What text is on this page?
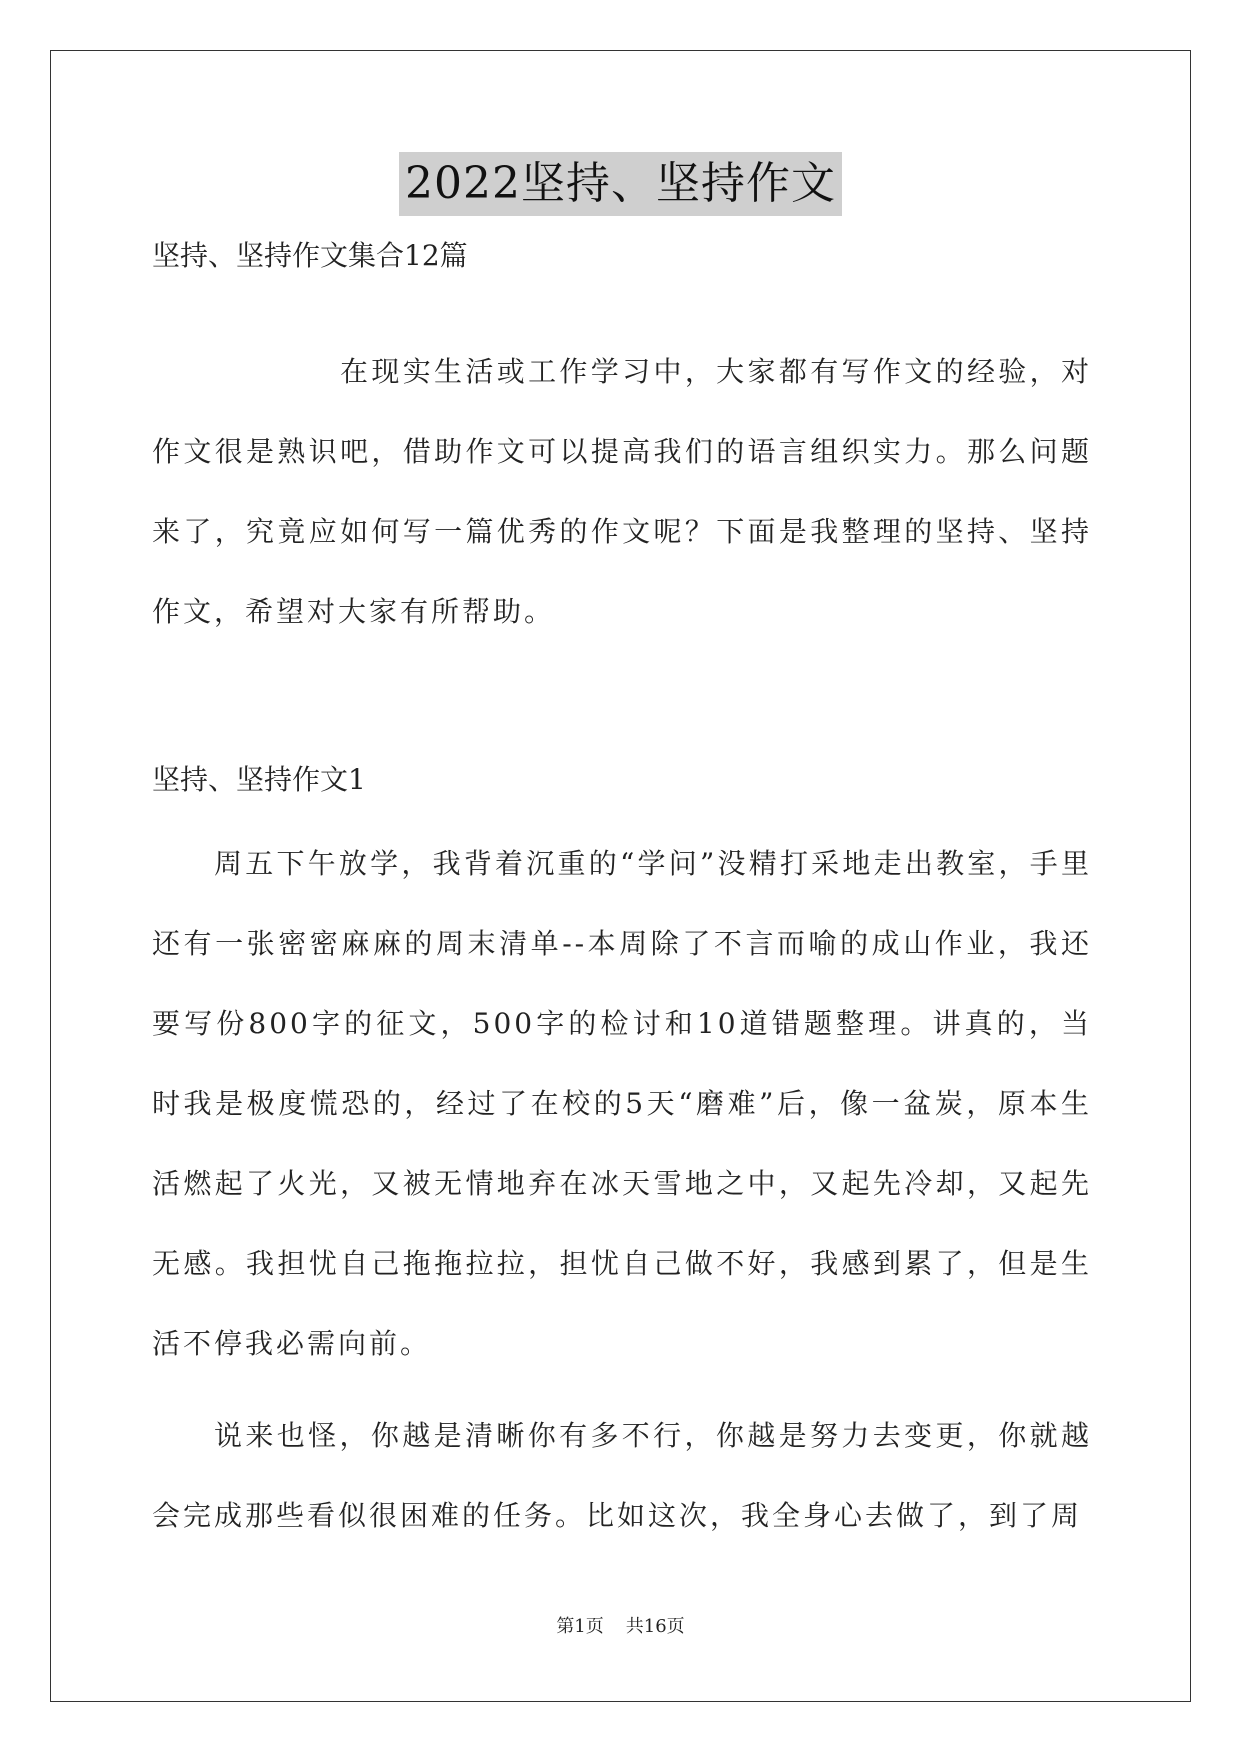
2022坚持、坚持作文
坚持、坚持作文集合12篇

在现实生活或工作学习中，大家都有写作文的经验，对作文很是熟识吧，借助作文可以提高我们的语言组织实力。那么问题来了，究竟应如何写一篇优秀的作文呢？下面是我整理的坚持、坚持作文，希望对大家有所帮助。

坚持、坚持作文1

周五下午放学，我背着沉重的“学问”没精打采地走出教室，手里还有一张密密麻麻的周末清单--本周除了不言而喻的成山作业，我还要写份800字的征文，500字的检讨和10道错题整理。讲真的，当时我是极度慌恐的，经过了在校的5天“磨难”后，像一盆炭，原本生活燃起了火光，又被无情地弃在冰天雪地之中，又起先冷却，又起先无感。我担忧自己拖拖拉拉，担忧自己做不好，我感到累了，但是生活不停我必需向前。

说来也怪，你越是清晰你有多不行，你越是努力去变更，你就越会完成那些看似很困难的任务。比如这次，我全身心去做了，到了周

第1页 共16页
